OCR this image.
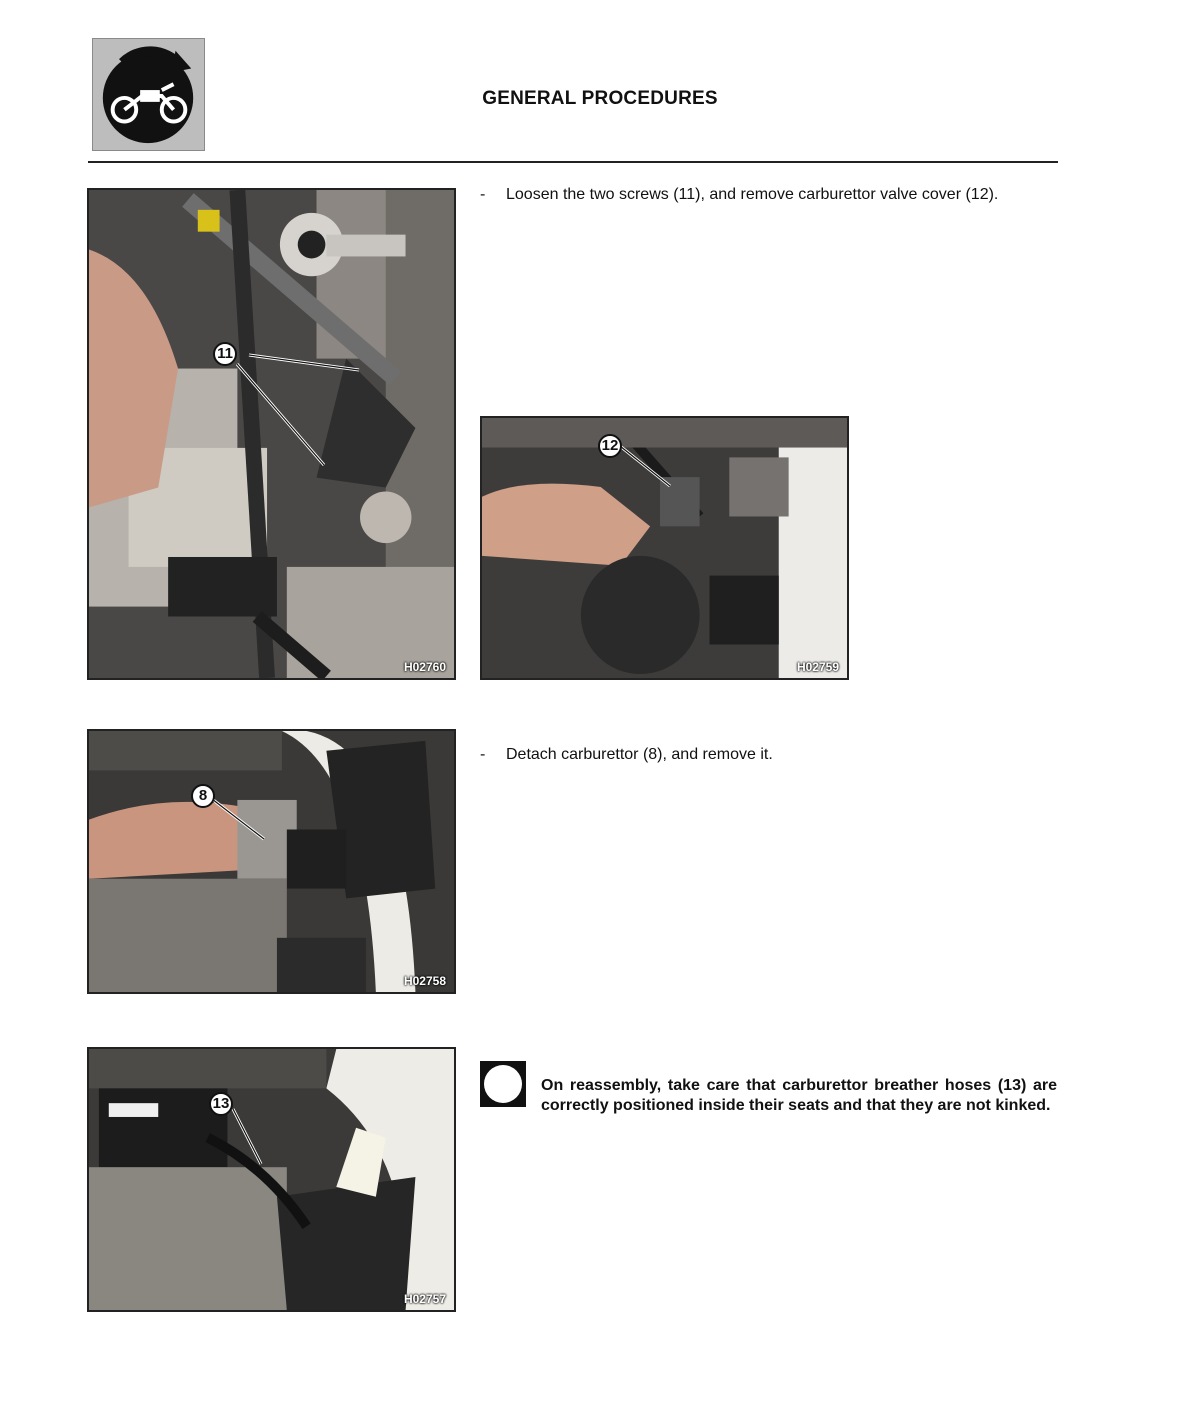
GENERAL PROCEDURES
11
H02760
- Loosen the two screws (11), and remove carburettor valve cover (12).
12
H02759
8
H02758
- Detach carburettor (8), and remove it.
13
H02757
On reassembly, take care that carburettor breather hoses (13) are correctly positioned inside their seats and that they are not kinked.
